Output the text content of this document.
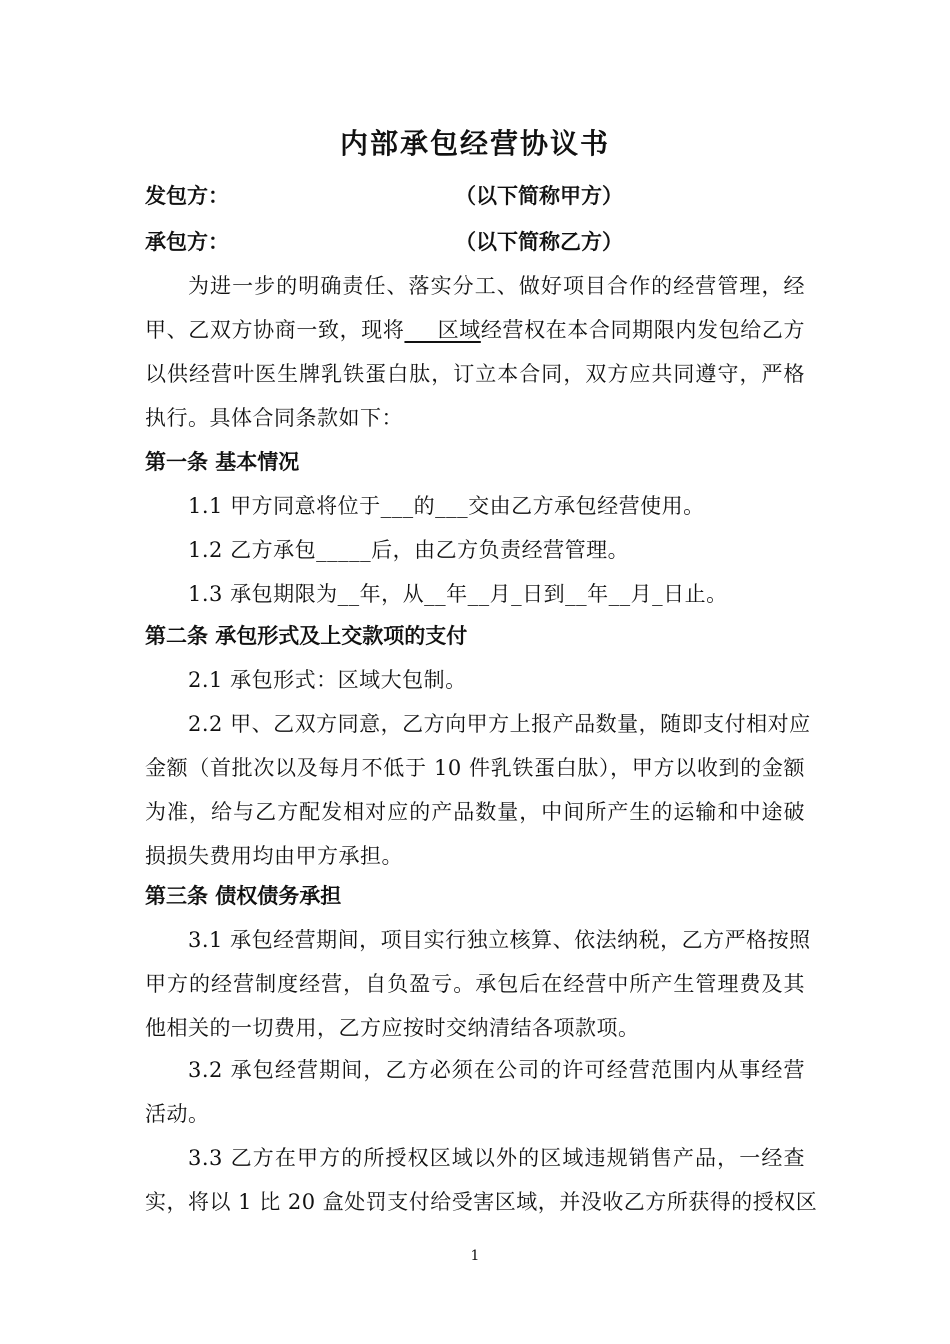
内部承包经营协议书
发包方：	（以下简称甲方）
承包方：	（以下简称乙方）
为进一步的明确责任、落实分工、做好项目合作的经营管理，经
甲、乙双方协商一致，现将___区域经营权在本合同期限内发包给乙方
以供经营叶医生牌乳铁蛋白肽，订立本合同，双方应共同遵守，严格
执行。具体合同条款如下：
第一条 基本情况
1.1 甲方同意将位于___的___交由乙方承包经营使用。
1.2 乙方承包_____后，由乙方负责经营管理。
1.3 承包期限为__年，从__年__月_日到__年__月_日止。
第二条 承包形式及上交款项的支付
2.1 承包形式：区域大包制。
2.2 甲、乙双方同意，乙方向甲方上报产品数量，随即支付相对应
金额（首批次以及每月不低于 10 件乳铁蛋白肽），甲方以收到的金额
为准，给与乙方配发相对应的产品数量，中间所产生的运输和中途破
损损失费用均由甲方承担。
第三条 债权债务承担
3.1 承包经营期间，项目实行独立核算、依法纳税，乙方严格按照
甲方的经营制度经营，自负盈亏。承包后在经营中所产生管理费及其
他相关的一切费用，乙方应按时交纳清结各项款项。
3.2 承包经营期间，乙方必须在公司的许可经营范围内从事经营
活动。
3.3 乙方在甲方的所授权区域以外的区域违规销售产品，一经查
实，将以 1 比 20 盒处罚支付给受害区域，并没收乙方所获得的授权区
1
